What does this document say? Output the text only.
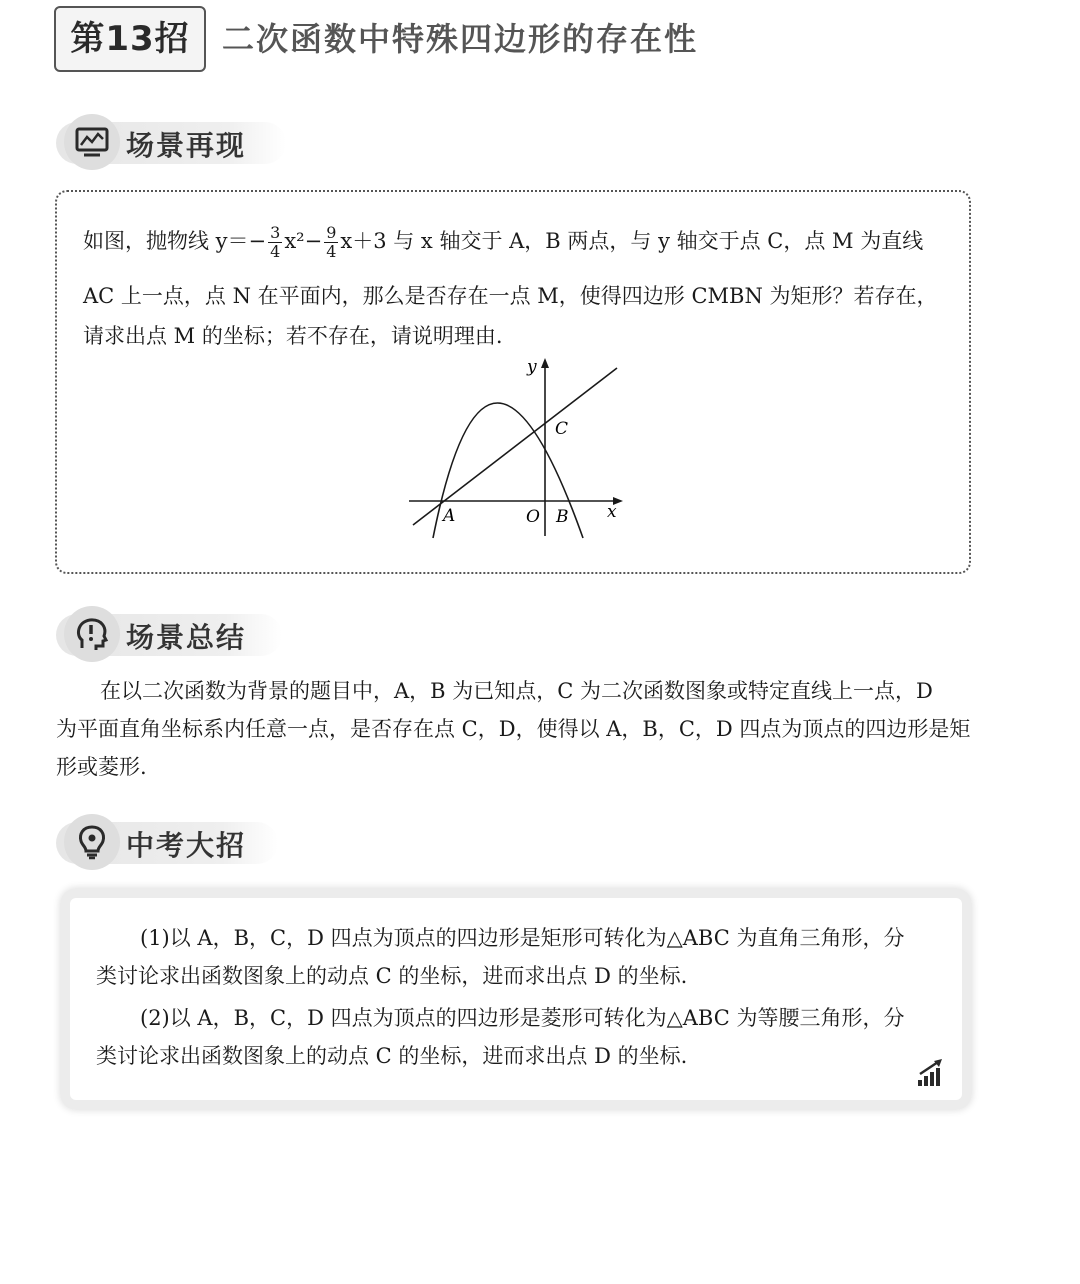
第13招	二次函数中特殊四边形的存在性
场景再现
如图，抛物线 $y=- \frac{3}{4} x^2- \frac{9}{4} x+3$ 与 x 轴交于 A，B 两点，与 y 轴交于点 C，点 M 为直线
AC 上一点，点 N 在平面内，那么是否存在一点 M，使得四边形 CMBN 为矩形？若存在，
请求出点 M 的坐标；若不存在，请说明理由.
y
x
A	O B
C
场景总结
在以二次函数为背景的题目中，A，B 为已知点，C 为二次函数图象或特定直线上一点，D
为平面直角坐标系内任意一点，是否存在点 C，D，使得以 A，B，C，D 四点为顶点的四边形是矩
形或菱形.
中考大招
(1)以 A，B，C，D 四点为顶点的四边形是矩形可转化为△ABC 为直角三角形，分
类讨论求出函数图象上的动点 C 的坐标，进而求出点 D 的坐标.
(2)以 A，B，C，D 四点为顶点的四边形是菱形可转化为△ABC 为等腰三角形，分
类讨论求出函数图象上的动点 C 的坐标，进而求出点 D 的坐标.
